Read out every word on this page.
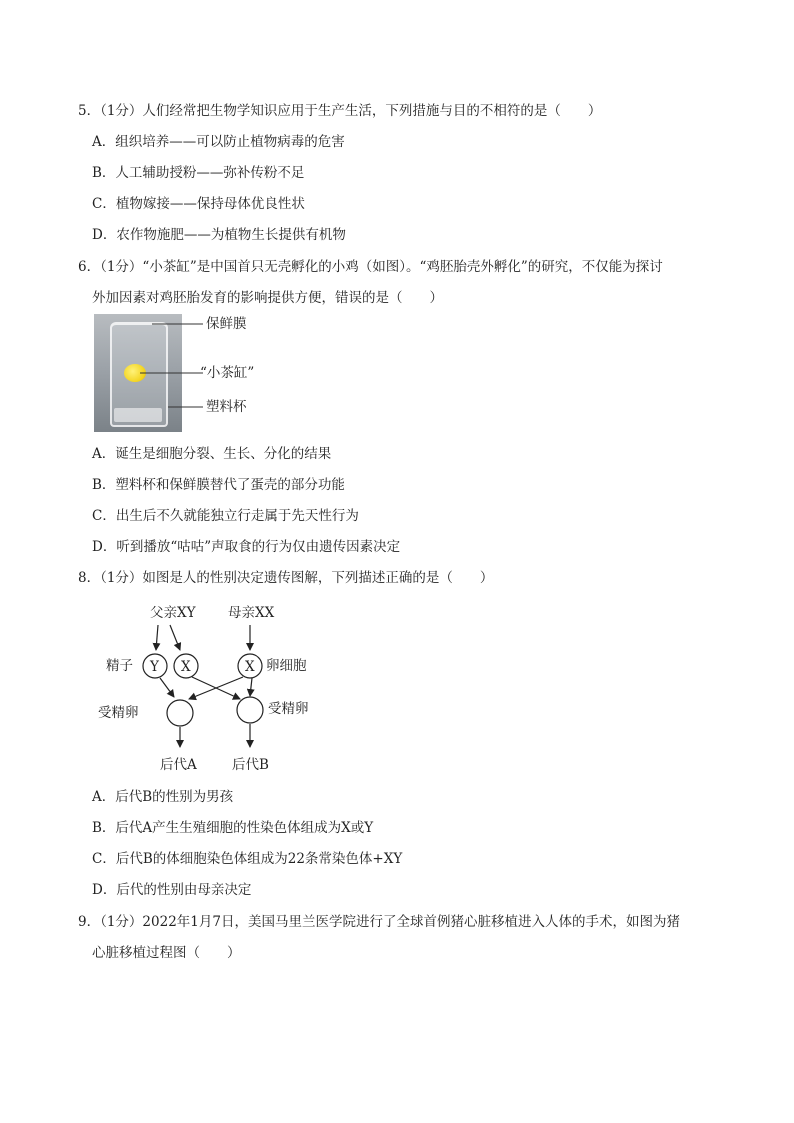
5．（1分）人们经常把生物学知识应用于生产生活，下列措施与目的不相符的是（　　）
A．组织培养——可以防止植物病毒的危害
B．人工辅助授粉——弥补传粉不足
C．植物嫁接——保持母体优良性状
D．农作物施肥——为植物生长提供有机物
6．（1分）“小茶缸”是中国首只无壳孵化的小鸡（如图）。“鸡胚胎壳外孵化”的研究，不仅能为探讨
外加因素对鸡胚胎发育的影响提供方便，错误的是（　　）
保鲜膜
“小茶缸”
塑料杯
A．诞生是细胞分裂、生长、分化的结果
B．塑料杯和保鲜膜替代了蛋壳的部分功能
C．出生后不久就能独立行走属于先天性行为
D．听到播放“咕咕”声取食的行为仅由遗传因素决定
8．（1分）如图是人的性别决定遗传图解，下列描述正确的是（　　）
父亲XY 母亲XX
精子 Y X	X 卵细胞
受精卵	受精卵
后代A	后代B
A．后代B的性别为男孩
B．后代A产生生殖细胞的性染色体组成为X或Y
C．后代B的体细胞染色体组成为22条常染色体+XY
D．后代的性别由母亲决定
9．（1分）2022年1月7日，美国马里兰医学院进行了全球首例猪心脏移植进入人体的手术，如图为猪
心脏移植过程图（　　）
